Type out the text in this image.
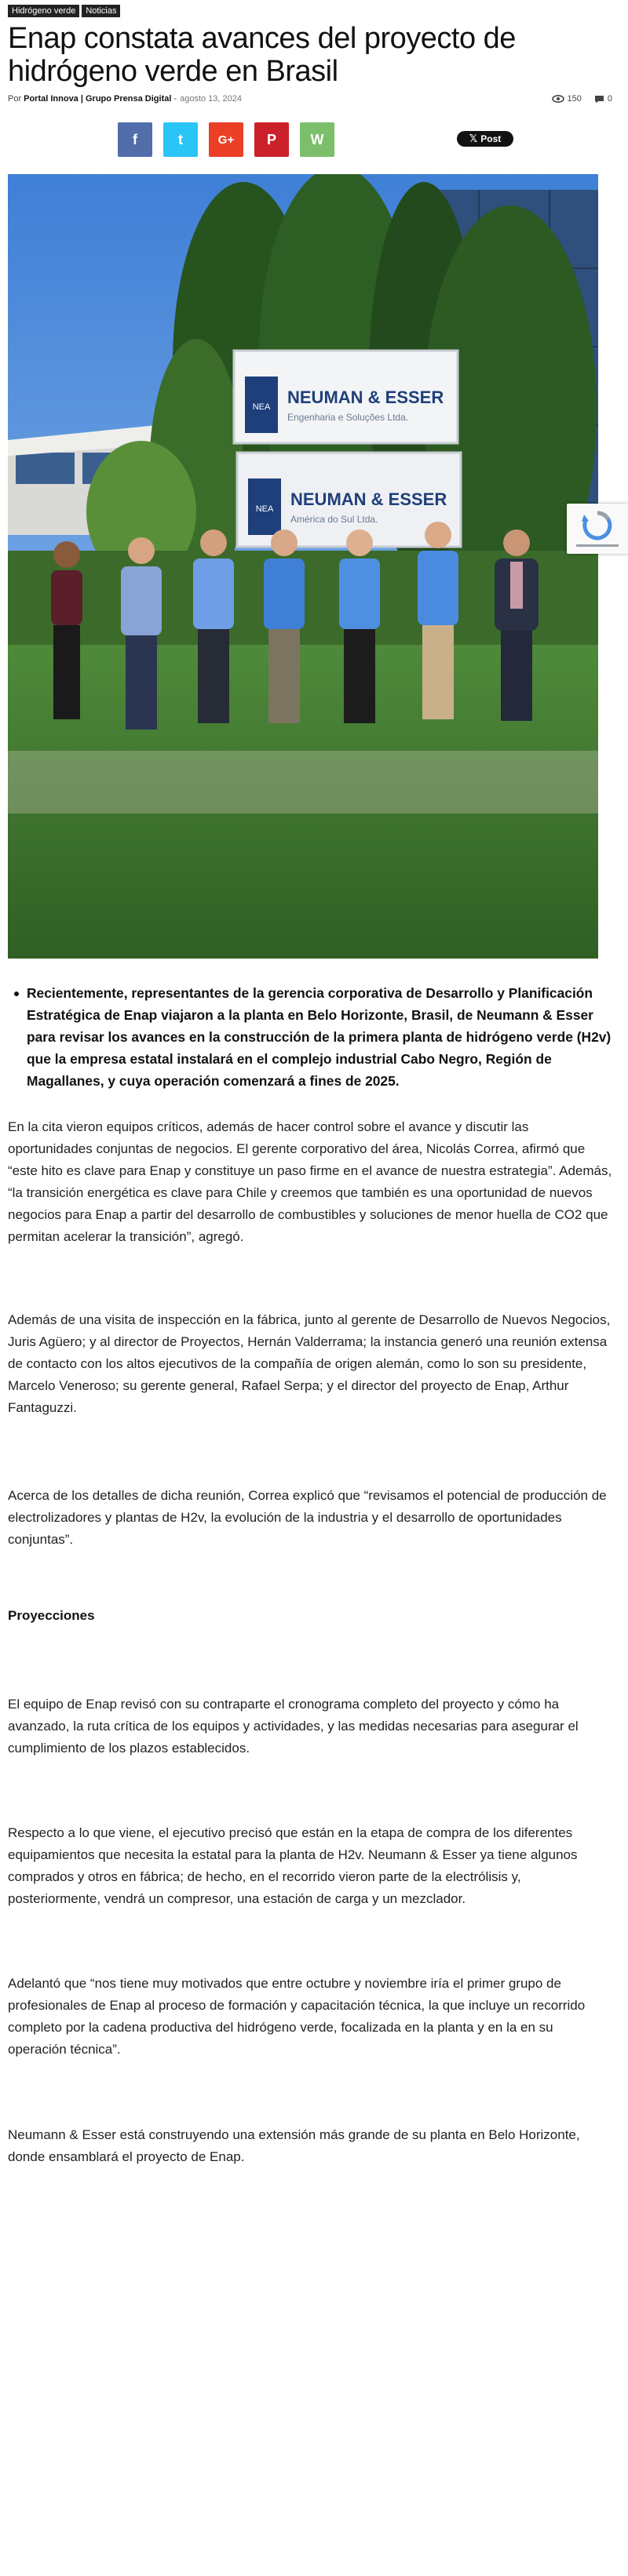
Hidrógeno verde	Noticias
Enap constata avances del proyecto de hidrógeno verde en Brasil
Por Portal Innova | Grupo Prensa Digital - agosto 13, 2024	150	0
f	t	G+ P W	𝕏 Post
NEA NEUMAN & ESSER
Engenharia e Soluções Ltda.
NEA NEUMAN & ESSER
América do Sul Ltda.
Recientemente, representantes de la gerencia corporativa de Desarrollo y Planificación Estratégica de Enap viajaron a la planta en Belo Horizonte, Brasil, de Neumann & Esser para revisar los avances en la construcción de la primera planta de hidrógeno verde (H2v) que la empresa estatal instalará en el complejo industrial Cabo Negro, Región de Magallanes, y cuya operación comenzará a fines de 2025.

En la cita vieron equipos críticos, además de hacer control sobre el avance y discutir las oportunidades conjuntas de negocios. El gerente corporativo del área, Nicolás Correa, afirmó que “este hito es clave para Enap y constituye un paso firme en el avance de nuestra estrategia”. Además, “la transición energética es clave para Chile y creemos que también es una oportunidad de nuevos negocios para Enap a partir del desarrollo de combustibles y soluciones de menor huella de CO2 que permitan acelerar la transición”, agregó.

Además de una visita de inspección en la fábrica, junto al gerente de Desarrollo de Nuevos Negocios, Juris Agüero; y al director de Proyectos, Hernán Valderrama; la instancia generó una reunión extensa de contacto con los altos ejecutivos de la compañía de origen alemán, como lo son su presidente, Marcelo Veneroso; su gerente general, Rafael Serpa; y el director del proyecto de Enap, Arthur Fantaguzzi.

Acerca de los detalles de dicha reunión, Correa explicó que “revisamos el potencial de producción de electrolizadores y plantas de H2v, la evolución de la industria y el desarrollo de oportunidades conjuntas”.

Proyecciones

El equipo de Enap revisó con su contraparte el cronograma completo del proyecto y cómo ha avanzado, la ruta crítica de los equipos y actividades, y las medidas necesarias para asegurar el cumplimiento de los plazos establecidos.

Respecto a lo que viene, el ejecutivo precisó que están en la etapa de compra de los diferentes equipamientos que necesita la estatal para la planta de H2v. Neumann & Esser ya tiene algunos comprados y otros en fábrica; de hecho, en el recorrido vieron parte de la electrólisis y, posteriormente, vendrá un compresor, una estación de carga y un mezclador.

Adelantó que “nos tiene muy motivados que entre octubre y noviembre iría el primer grupo de profesionales de Enap al proceso de formación y capacitación técnica, la que incluye un recorrido completo por la cadena productiva del hidrógeno verde, focalizada en la planta y en la en su operación técnica”.

Neumann & Esser está construyendo una extensión más grande de su planta en Belo Horizonte, donde ensamblará el proyecto de Enap.
